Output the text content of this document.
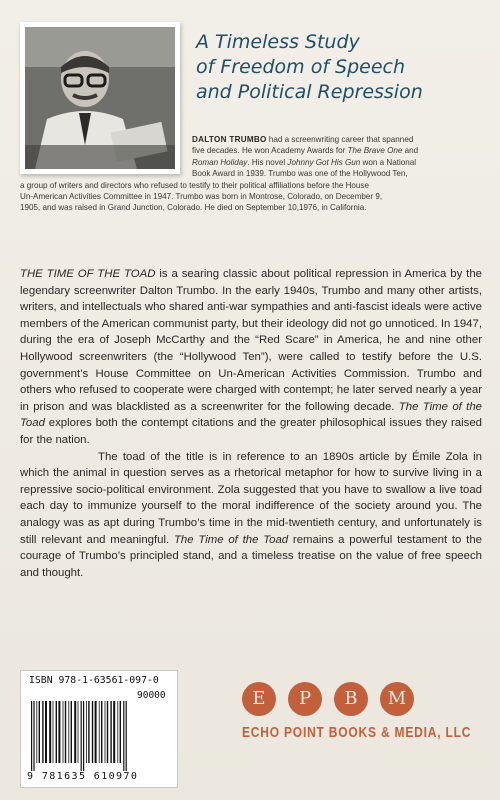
A Timeless Study
of Freedom of Speech
and Political Repression
DALTON TRUMBO had a screenwriting career that spanned
five decades. He won Academy Awards for The Brave One and
Roman Holiday. His novel Johnny Got His Gun won a National
Book Award in 1939. Trumbo was one of the Hollywood Ten,
a group of writers and directors who refused to testify to their political affiliations before the House
Un-American Activities Committee in 1947. Trumbo was born in Montrose, Colorado, on December 9,
1905, and was raised in Grand Junction, Colorado. He died on September 10,1976, in California.

THE TIME OF THE TOAD is a searing classic about political repression in America by the legendary screenwriter Dalton Trumbo. In the early 1940s, Trumbo and many other artists, writers, and intellectuals who shared anti-war sympathies and anti-fascist ideals were active members of the American communist party, but their ideology did not go unnoticed. In 1947, during the era of Joseph McCarthy and the “Red Scare” in America, he and nine other Hollywood screenwriters (the “Hollywood Ten”), were called to testify before the U.S. government’s House Committee on Un-American Activities Commission. Trumbo and others who refused to cooperate were charged with contempt; he later served nearly a year in prison and was blacklisted as a screenwriter for the following decade. The Time of the Toad explores both the contempt citations and the greater philosophical issues they raised for the nation.

The toad of the title is in reference to an 1890s article by Émile Zola in which the animal in question serves as a rhetorical metaphor for how to survive living in a repressive socio-political environment. Zola suggested that you have to swallow a live toad each day to immunize yourself to the moral indifference of the society around you. The analogy was as apt during Trumbo’s time in the mid-twentieth century, and unfortunately is still relevant and meaningful. The Time of the Toad remains a powerful testament to the courage of Trumbo’s principled stand, and a timeless treatise on the value of free speech and thought.

ISBN 978-1-63561-097-0
90000
9 781635 610970
E	P	B	M
ECHO POINT BOOKS & MEDIA, LLC
